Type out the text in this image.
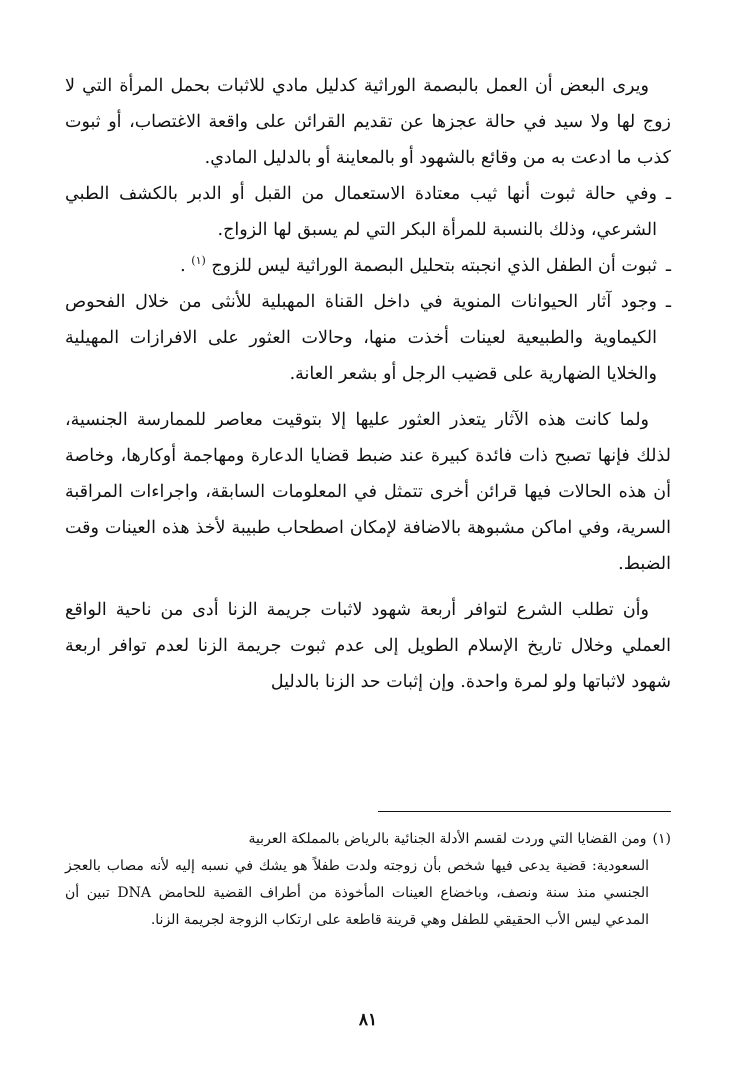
ويرى البعض أن العمل بالبصمة الوراثية كدليل مادي للاثبات بحمل المرأة التي لا زوج لها ولا سيد في حالة عجزها عن تقديم القرائن على واقعة الاغتصاب، أو ثبوت كذب ما ادعت به من وقائع بالشهود أو بالمعاينة أو بالدليل المادي.

ـ
وفي حالة ثبوت أنها ثيب معتادة الاستعمال من القبل أو الدبر بالكشف الطبي الشرعي، وذلك بالنسبة للمرأة البكر التي لم يسبق لها الزواج.
ـ
ثبوت أن الطفل الذي انجبته بتحليل البصمة الوراثية ليس للزوج $^{(١)}$ .
ـ
وجود آثار الحيوانات المنوية في داخل القناة المهبلية للأنثى من خلال الفحوص الكيماوية والطبيعية لعينات أخذت منها، وحالات العثور على الافرازات المهيلية والخلايا الضهارية على قضيب الرجل أو بشعر العانة.

ولما كانت هذه الآثار يتعذر العثور عليها إلا بتوقيت معاصر للممارسة الجنسية، لذلك فإنها تصبح ذات فائدة كبيرة عند ضبط قضايا الدعارة ومهاجمة أوكارها، وخاصة أن هذه الحالات فيها قرائن أخرى تتمثل في المعلومات السابقة، واجراءات المراقبة السرية، وفي اماكن مشبوهة بالاضافة لإمكان اصطحاب طبيبة لأخذ هذه العينات وقت الضبط.

وأن تطلب الشرع لتوافر أربعة شهود لاثبات جريمة الزنا أدى من ناحية الواقع العملي وخلال تاريخ الإسلام الطويل إلى عدم ثبوت جريمة الزنا لعدم توافر اربعة شهود لاثباتها ولو لمرة واحدة. وإن إثبات حد الزنا بالدليل

(١)ومن القضايا التي وردت لقسم الأدلة الجنائية بالرياض بالمملكة العربية
السعودية: قضية يدعى فيها شخص بأن زوجته ولدت طفلاً هو يشك في نسبه إليه لأنه مصاب بالعجز الجنسي منذ سنة ونصف، وباخضاع العينات المأخوذة من أطراف القضية للحامض DNA تبين أن المدعي ليس الأب الحقيقي للطفل وهي قرينة قاطعة على ارتكاب الزوجة لجريمة الزنا.
٨١
